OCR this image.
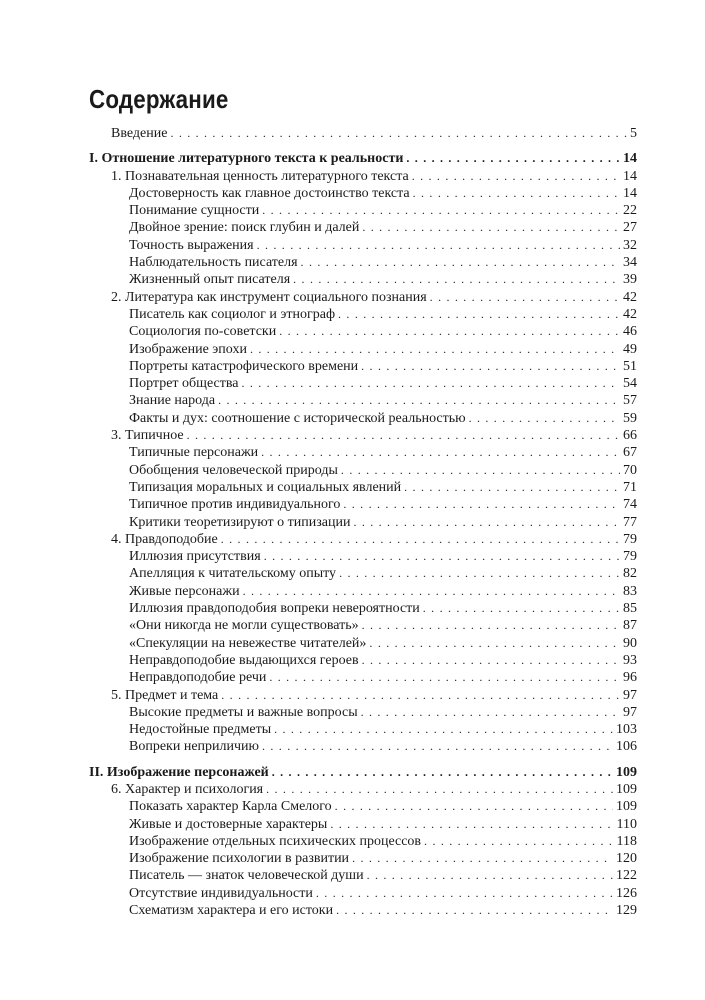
Содержание
Введение . . .	5
I. Отношение литературного текста к реальности . . .	14
1. Познавательная ценность литературного текста . . .	14
Достоверность как главное достоинство текста . . .	14
Понимание сущности . . .	22
Двойное зрение: поиск глубин и далей . . .	27
Точность выражения . . .	32
Наблюдательность писателя . . .	34
Жизненный опыт писателя . . .	39
2. Литература как инструмент социального познания . . .	42
Писатель как социолог и этнограф . . .	42
Социология по-советски . . .	46
Изображение эпохи . . .	49
Портреты катастрофического времени . . .	51
Портрет общества . . .	54
Знание народа . . .	57
Факты и дух: соотношение с исторической реальностью . . .	59
3. Типичное . . .	66
Типичные персонажи . . .	67
Обобщения человеческой природы . . .	70
Типизация моральных и социальных явлений . . .	71
Типичное против индивидуального . . .	74
Критики теоретизируют о типизации . . .	77
4. Правдоподобие . . .	79
Иллюзия присутствия . . .	79
Апелляция к читательскому опыту . . .	82
Живые персонажи . . .	83
Иллюзия правдоподобия вопреки невероятности . . .	85
«Они никогда не могли существовать» . . .	87
«Спекуляции на невежестве читателей» . . .	90
Неправдоподобие выдающихся героев . . .	93
Неправдоподобие речи . . .	96
5. Предмет и тема . . .	97
Высокие предметы и важные вопросы . . .	97
Недостойные предметы . . .	103
Вопреки неприличию . . .	106
II. Изображение персонажей . . .	109
6. Характер и психология . . .	109
Показать характер Карла Смелого . . .	109
Живые и достоверные характеры . . .	110
Изображение отдельных психических процессов . . .	118
Изображение психологии в развитии . . .	120
Писатель — знаток человеческой души . . .	122
Отсутствие индивидуальности . . .	126
Схематизм характера и его истоки . . .	129
